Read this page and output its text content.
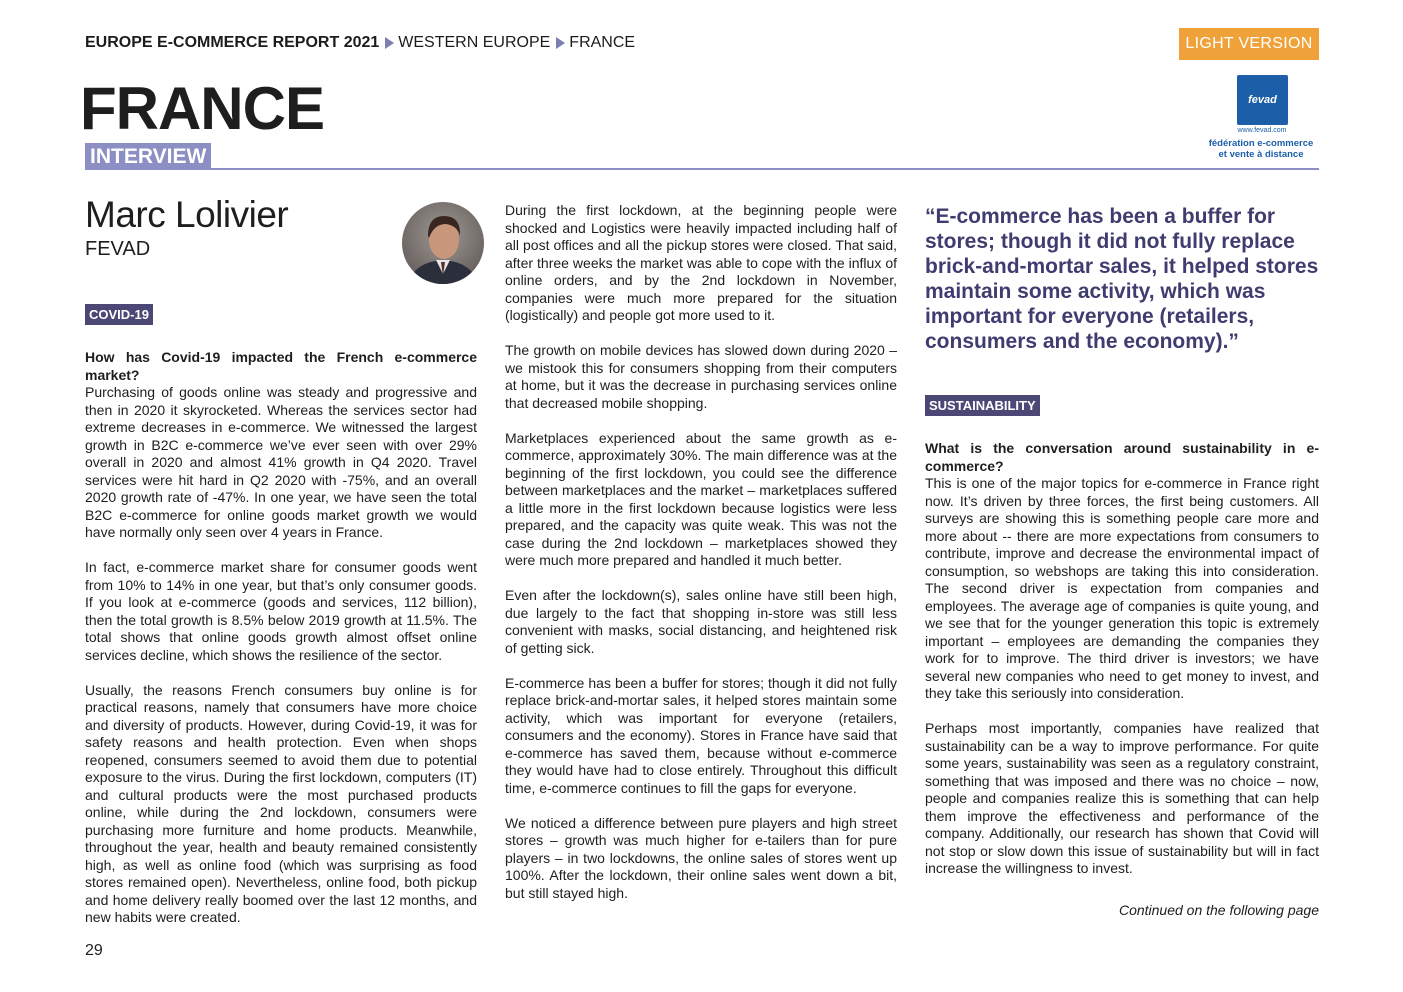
EUROPE E-COMMERCE REPORT 2021 WESTERN EUROPE FRANCE	LIGHT VERSION
FRANCE
INTERVIEW
fevad
www.fevad.com
fédération e-commerce
et vente à distance
Marc Lolivier
FEVAD
COVID-19

How has Covid-19 impacted the French e-commerce market?

Purchasing of goods online was steady and progressive and then in 2020 it skyrocketed. Whereas the services sector had extreme decreases in e-commerce. We witnessed the largest growth in B2C e-commerce we’ve ever seen with over 29% overall in 2020 and almost 41% growth in Q4 2020. Travel services were hit hard in Q2 2020 with -75%, and an overall 2020 growth rate of -47%. In one year, we have seen the total B2C e-commerce for online goods market growth we would have normally only seen over 4 years in France.

In fact, e-commerce market share for consumer goods went from 10% to 14% in one year, but that’s only consumer goods. If you look at e-commerce (goods and services, 112 billion), then the total growth is 8.5% below 2019 growth at 11.5%. The total shows that online goods growth almost offset online services decline, which shows the resilience of the sector.

Usually, the reasons French consumers buy online is for practical reasons, namely that consumers have more choice and diversity of products. However, during Covid-19, it was for safety reasons and health protection. Even when shops reopened, consumers seemed to avoid them due to potential exposure to the virus. During the first lockdown, computers (IT) and cultural products were the most purchased products online, while during the 2nd lockdown, consumers were purchasing more furniture and home products. Meanwhile, throughout the year, health and beauty remained consistently high, as well as online food (which was surprising as food stores remained open). Nevertheless, online food, both pickup and home delivery really boomed over the last 12 months, and new habits were created.

During the first lockdown, at the beginning people were shocked and Logistics were heavily impacted including half of all post offices and all the pickup stores were closed. That said, after three weeks the market was able to cope with the influx of online orders, and by the 2nd lockdown in November, companies were much more prepared for the situation (logistically) and people got more used to it.

The growth on mobile devices has slowed down during 2020 – we mistook this for consumers shopping from their computers at home, but it was the decrease in purchasing services online that decreased mobile shopping.

Marketplaces experienced about the same growth as e-commerce, approximately 30%. The main difference was at the beginning of the first lockdown, you could see the difference between marketplaces and the market – marketplaces suffered a little more in the first lockdown because logistics were less prepared, and the capacity was quite weak. This was not the case during the 2nd lockdown – marketplaces showed they were much more prepared and handled it much better.

Even after the lockdown(s), sales online have still been high, due largely to the fact that shopping in-store was still less convenient with masks, social distancing, and heightened risk of getting sick.

E-commerce has been a buffer for stores; though it did not fully replace brick-and-mortar sales, it helped stores maintain some activity, which was important for everyone (retailers, consumers and the economy). Stores in France have said that e-commerce has saved them, because without e-commerce they would have had to close entirely. Throughout this difficult time, e-commerce continues to fill the gaps for everyone.

We noticed a difference between pure players and high street stores – growth was much higher for e-tailers than for pure players – in two lockdowns, the online sales of stores went up 100%. After the lockdown, their online sales went down a bit, but still stayed high.

“E-commerce has been a buffer for stores; though it did not fully replace brick-and-mortar sales, it helped stores maintain some activity, which was important for everyone (retailers, consumers and the economy).”
SUSTAINABILITY

What is the conversation around sustainability in e-commerce?

This is one of the major topics for e-commerce in France right now. It’s driven by three forces, the first being customers. All surveys are showing this is something people care more and more about -- there are more expectations from consumers to contribute, improve and decrease the environmental impact of consumption, so webshops are taking this into consideration. The second driver is expectation from companies and employees. The average age of companies is quite young, and we see that for the younger generation this topic is extremely important – employees are demanding the companies they work for to improve. The third driver is investors; we have several new companies who need to get money to invest, and they take this seriously into consideration.

Perhaps most importantly, companies have realized that sustainability can be a way to improve performance. For quite some years, sustainability was seen as a regulatory constraint, something that was imposed and there was no choice – now, people and companies realize this is something that can help them improve the effectiveness and performance of the company. Additionally, our research has shown that Covid will not stop or slow down this issue of sustainability but will in fact increase the willingness to invest.

Continued on the following page
29
